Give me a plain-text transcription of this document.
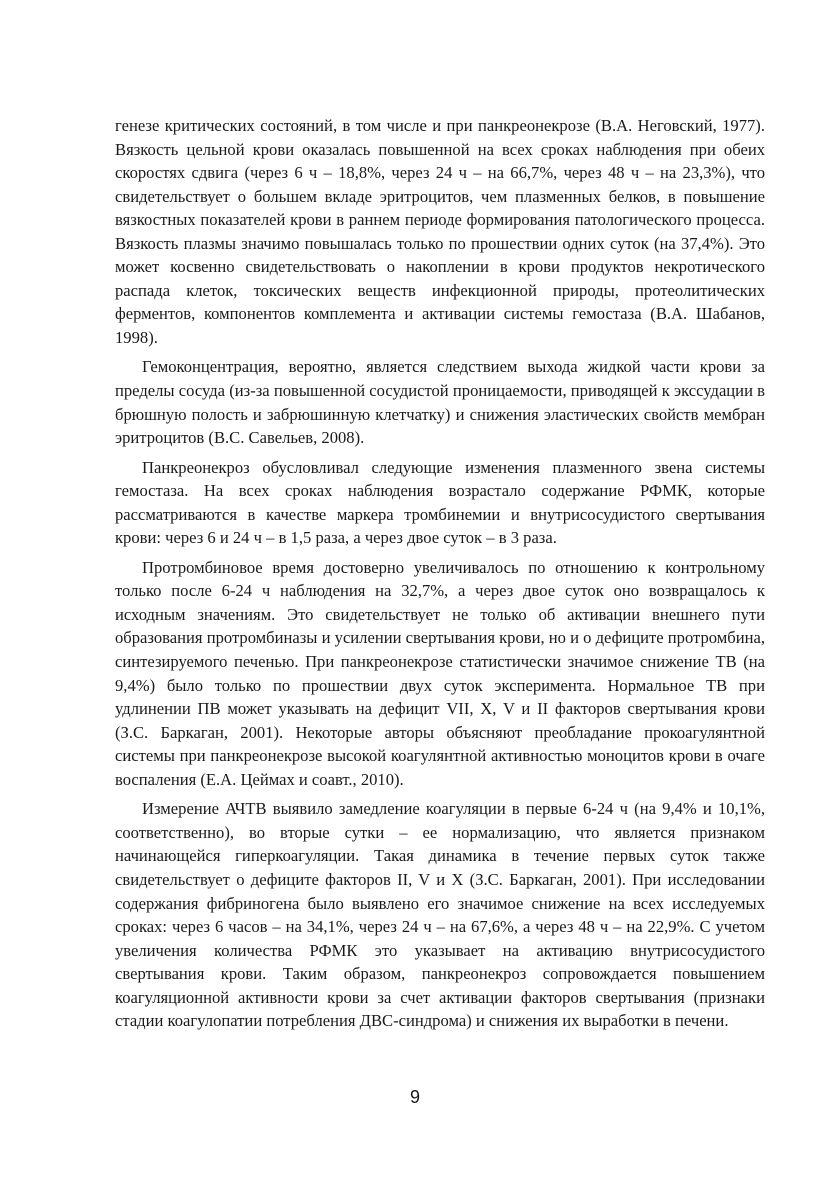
генезе критических состояний, в том числе и при панкреонекрозе (В.А. Неговский, 1977). Вязкость цельной крови оказалась повышенной на всех сроках наблюдения при обеих скоростях сдвига (через 6 ч – 18,8%, через 24 ч – на 66,7%, через 48 ч – на 23,3%), что свидетельствует о большем вкладе эритроцитов, чем плазменных белков, в повышение вязкостных показателей крови в раннем периоде формирования патологического процесса. Вязкость плазмы значимо повышалась только по прошествии одних суток (на 37,4%). Это может косвенно свидетельствовать о накоплении в крови продуктов некротического распада клеток, токсических веществ инфекционной природы, протеолитических ферментов, компонентов комплемента и активации системы гемостаза (В.А. Шабанов, 1998).

Гемоконцентрация, вероятно, является следствием выхода жидкой части крови за пределы сосуда (из-за повышенной сосудистой проницаемости, приводящей к экссудации в брюшную полость и забрюшинную клетчатку) и снижения эластических свойств мембран эритроцитов (В.С. Савельев, 2008).

Панкреонекроз обусловливал следующие изменения плазменного звена системы гемостаза. На всех сроках наблюдения возрастало содержание РФМК, которые рассматриваются в качестве маркера тромбинемии и внутрисосудистого свертывания крови: через 6 и 24 ч – в 1,5 раза, а через двое суток – в 3 раза.

Протромбиновое время достоверно увеличивалось по отношению к контрольному только после 6-24 ч наблюдения на 32,7%, а через двое суток оно возвращалось к исходным значениям. Это свидетельствует не только об активации внешнего пути образования протромбиназы и усилении свертывания крови, но и о дефиците протромбина, синтезируемого печенью. При панкреонекрозе статистически значимое снижение ТВ (на 9,4%) было только по прошествии двух суток эксперимента. Нормальное ТВ при удлинении ПВ может указывать на дефицит VII, X, V и II факторов свертывания крови (З.С. Баркаган, 2001). Некоторые авторы объясняют преобладание прокоагулянтной системы при панкреонекрозе высокой коагулянтной активностью моноцитов крови в очаге воспаления (Е.А. Цеймах и соавт., 2010).

Измерение АЧТВ выявило замедление коагуляции в первые 6-24 ч (на 9,4% и 10,1%, соответственно), во вторые сутки – ее нормализацию, что является признаком начинающейся гиперкоагуляции. Такая динамика в течение первых суток также свидетельствует о дефиците факторов II, V и X (З.С. Баркаган, 2001). При исследовании содержания фибриногена было выявлено его значимое снижение на всех исследуемых сроках: через 6 часов – на 34,1%, через 24 ч – на 67,6%, а через 48 ч – на 22,9%. С учетом увеличения количества РФМК это указывает на активацию внутрисосудистого свертывания крови. Таким образом, панкреонекроз сопровождается повышением коагуляционной активности крови за счет активации факторов свертывания (признаки стадии коагулопатии потребления ДВС-синдрома) и снижения их выработки в печени.

9
